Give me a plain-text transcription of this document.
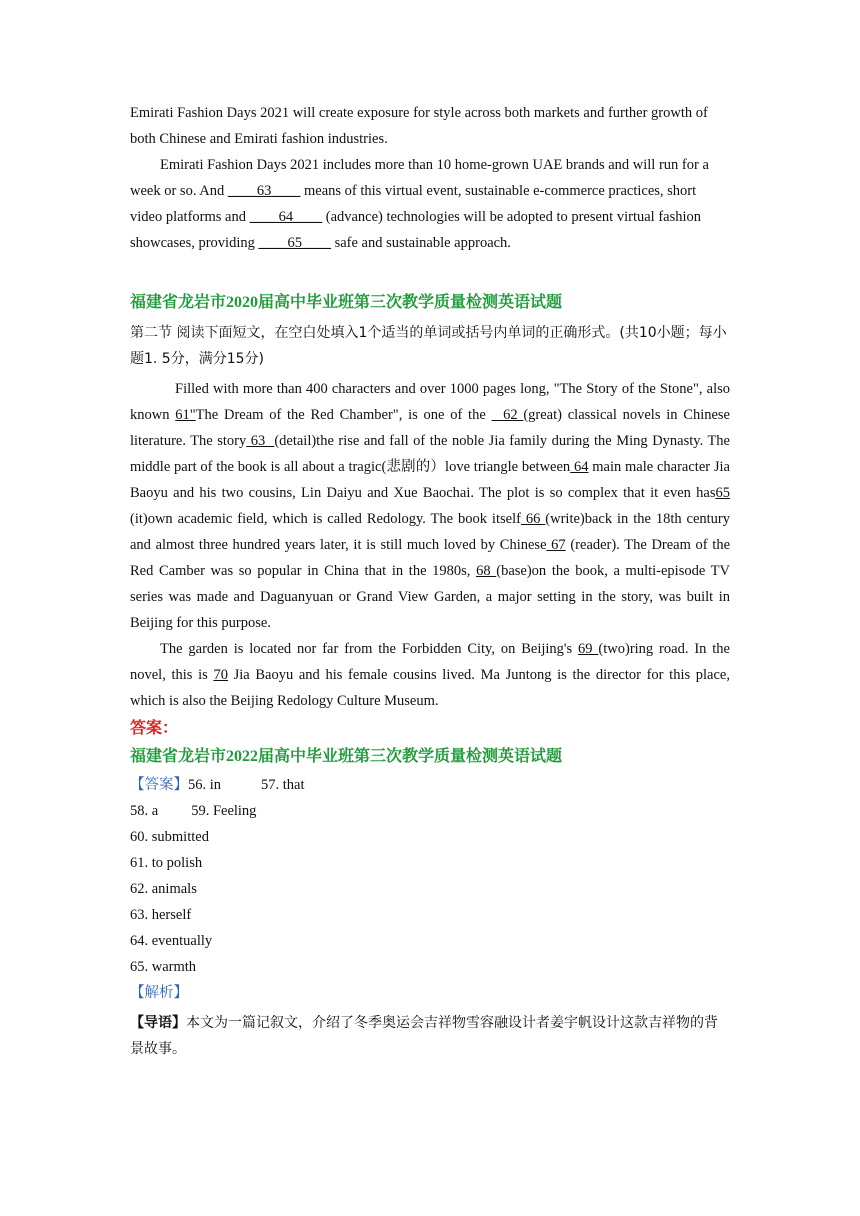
Emirati Fashion Days 2021 will create exposure for style across both markets and further growth of both Chinese and Emirati fashion industries.

Emirati Fashion Days 2021 includes more than 10 home-grown UAE brands and will run for a week or so. And ____63____ means of this virtual event, sustainable e-commerce practices, short video platforms and ____64____ (advance) technologies will be adopted to present virtual fashion showcases, providing ____65____ safe and sustainable approach.

福建省龙岩市2020届高中毕业班第三次教学质量检测英语试题

第二节 阅读下面短文，在空白处填入1个适当的单词或括号内单词的正确形式。(共10小题；每小题1. 5分，满分15分)

Filled with more than 400 characters and over 1000 pages long, "The Story of the Stone", also known 61"The Dream of the Red Chamber", is one of the   62 (great) classical novels in Chinese literature. The story 63  (detail)the rise and fall of the noble Jia family during the Ming Dynasty. The middle part of the book is all about a tragic(悲剧的）love triangle between 64 main male character Jia Baoyu and his two cousins, Lin Daiyu and Xue Baochai. The plot is so complex that it even has65 (it)own academic field, which is called Redology. The book itself 66 (write)back in the 18th century and almost three hundred years later, it is still much loved by Chinese 67 (reader). The Dream of the Red Camber was so popular in China that in the 1980s, 68 (base)on the book, a multi-episode TV series was made and Daguanyuan or Grand View Garden, a major setting in the story, was built in Beijing for this purpose.

The garden is located nor far from the Forbidden City, on Beijing's 69 (two)ring road. In the novel, this is 70 Jia Baoyu and his female cousins lived. Ma Juntong is the director for this place, which is also the Beijing Redology Culture Museum.

答案：

福建省龙岩市2022届高中毕业班第三次教学质量检测英语试题

【答案】56. in	57. that

58. a 59. Feeling

60. submitted

61. to polish

62. animals

63. herself

64. eventually

65. warmth

【解析】

【导语】本文为一篇记叙文，介绍了冬季奥运会吉祥物雪容融设计者姜宇帆设计这款吉祥物的背景故事。
